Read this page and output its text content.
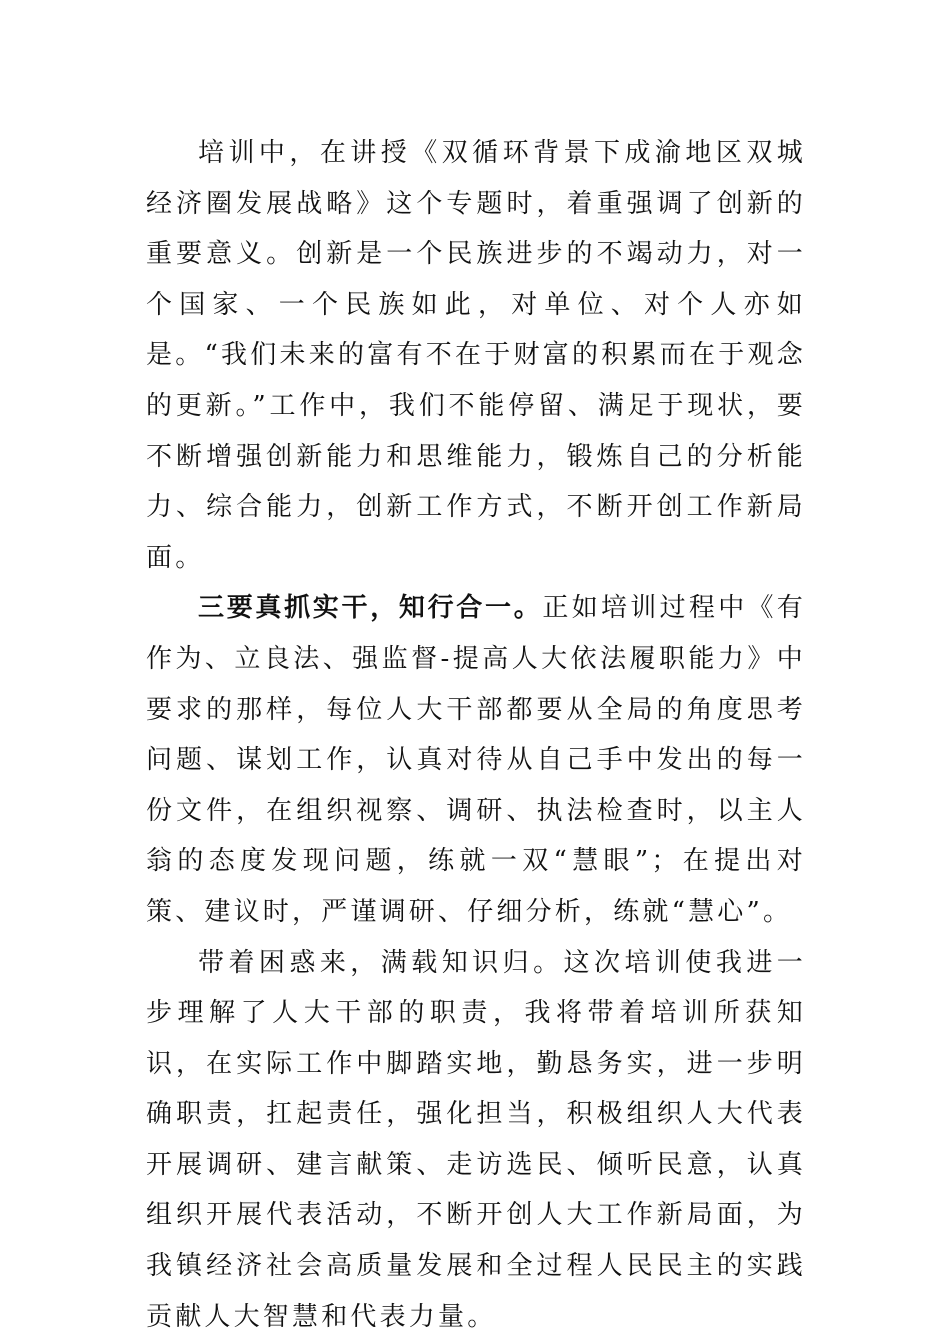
培训中，在讲授《双循环背景下成渝地区双城经济圈发展战略》这个专题时，着重强调了创新的重要意义。创新是一个民族进步的不竭动力，对一个国家、一个民族如此，对单位、对个人亦如是。“我们未来的富有不在于财富的积累而在于观念的更新。”工作中，我们不能停留、满足于现状，要不断增强创新能力和思维能力，锻炼自己的分析能力、综合能力，创新工作方式，不断开创工作新局面。

三要真抓实干，知行合一。正如培训过程中《有作为、立良法、强监督-提高人大依法履职能力》中要求的那样，每位人大干部都要从全局的角度思考问题、谋划工作，认真对待从自己手中发出的每一份文件，在组织视察、调研、执法检查时，以主人翁的态度发现问题，练就一双“慧眼”；在提出对策、建议时，严谨调研、仔细分析，练就“慧心”。

带着困惑来，满载知识归。这次培训使我进一步理解了人大干部的职责，我将带着培训所获知识，在实际工作中脚踏实地，勤恳务实，进一步明确职责，扛起责任，强化担当，积极组织人大代表开展调研、建言献策、走访选民、倾听民意，认真组织开展代表活动，不断开创人大工作新局面，为我镇经济社会高质量发展和全过程人民民主的实践贡献人大智慧和代表力量。
